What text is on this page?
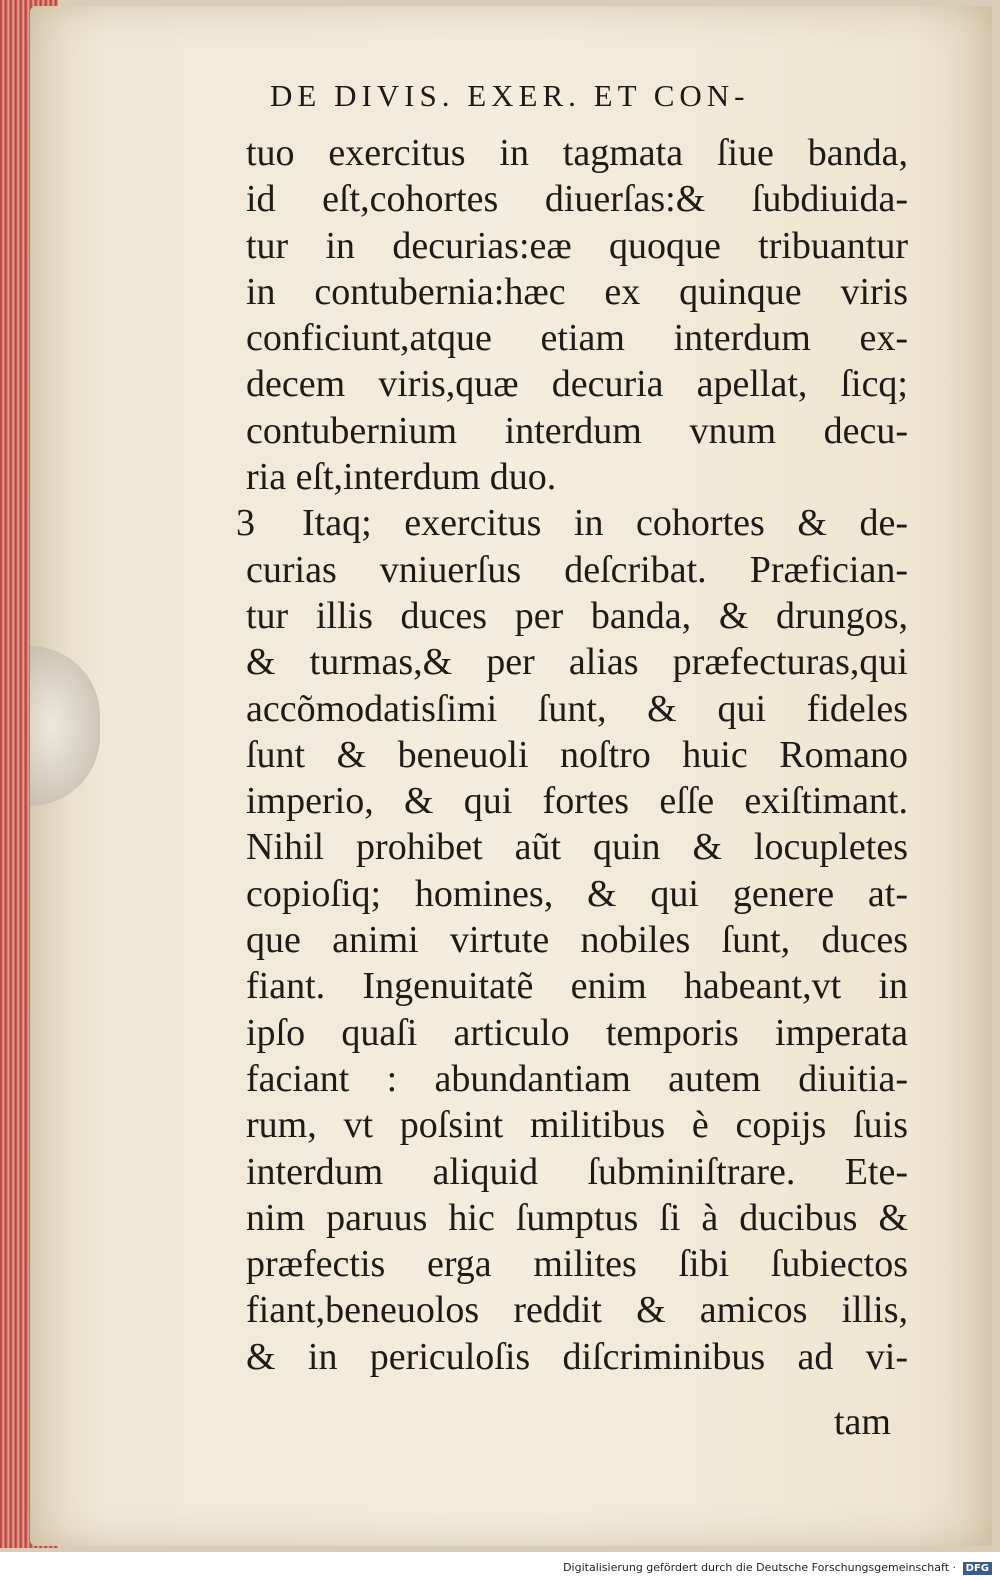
DE DIVIS. EXER. ET CON-
tuo exercitus in tagmata ſiue banda,
id eſt,cohortes diuerſas:& ſubdiuida-
tur in decurias:eæ quoque tribuantur
in contubernia:hæc ex quinque viris
conficiunt,atque etiam interdum ex-
decem viris,quæ decuria apellat, ſicq;
contubernium interdum vnum decu-
ria eſt,interdum duo.
3	Itaq; exercitus in cohortes & de-
curias vniuerſus deſcribat. Præfician-
tur illis duces per banda, & drungos,
& turmas,& per alias præfecturas,qui
accõmodatisſimi ſunt, & qui fideles
ſunt & beneuoli noſtro huic Romano
imperio, & qui fortes eſſe exiſtimant.
Nihil prohibet aũt quin & locupletes
copioſiq; homines, & qui genere at-
que animi virtute nobiles ſunt, duces
fiant. Ingenuitatẽ enim habeant,vt in
ipſo quaſi articulo temporis imperata
faciant : abundantiam autem diuitia-
rum, vt poſsint militibus è copijs ſuis
interdum aliquid ſubminiſtrare. Ete-
nim paruus hic ſumptus ſi à ducibus &
præfectis erga milites ſibi ſubiectos
fiant,beneuolos reddit & amicos illis,
& in periculoſis diſcriminibus ad vi-
tam
Digitalisierung gefördert durch die Deutsche Forschungsgemeinschaft · DFG
